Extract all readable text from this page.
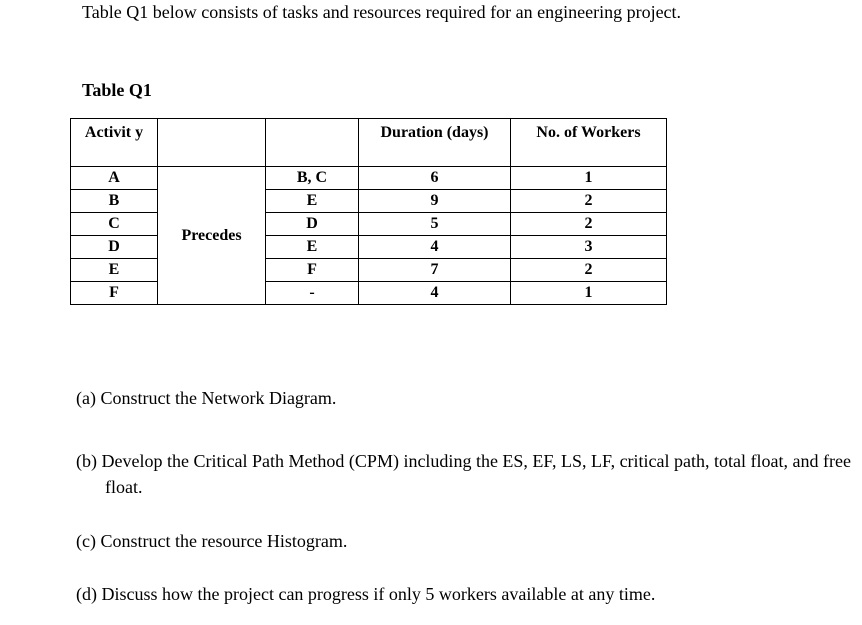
Table Q1 below consists of tasks and resources required for an engineering project.
Table Q1
Activit y			Duration (days)	No. of Workers
A	Precedes	B, C	6	1
B		E	9	2
C		D	5	2
D		E	4	3
E		F	7	2
F		-	4	1
(a) Construct the Network Diagram.
(b) Develop the Critical Path Method (CPM) including the ES, EF, LS, LF, critical path, total float, and free float.
(c) Construct the resource Histogram.
(d) Discuss how the project can progress if only 5 workers available at any time.
